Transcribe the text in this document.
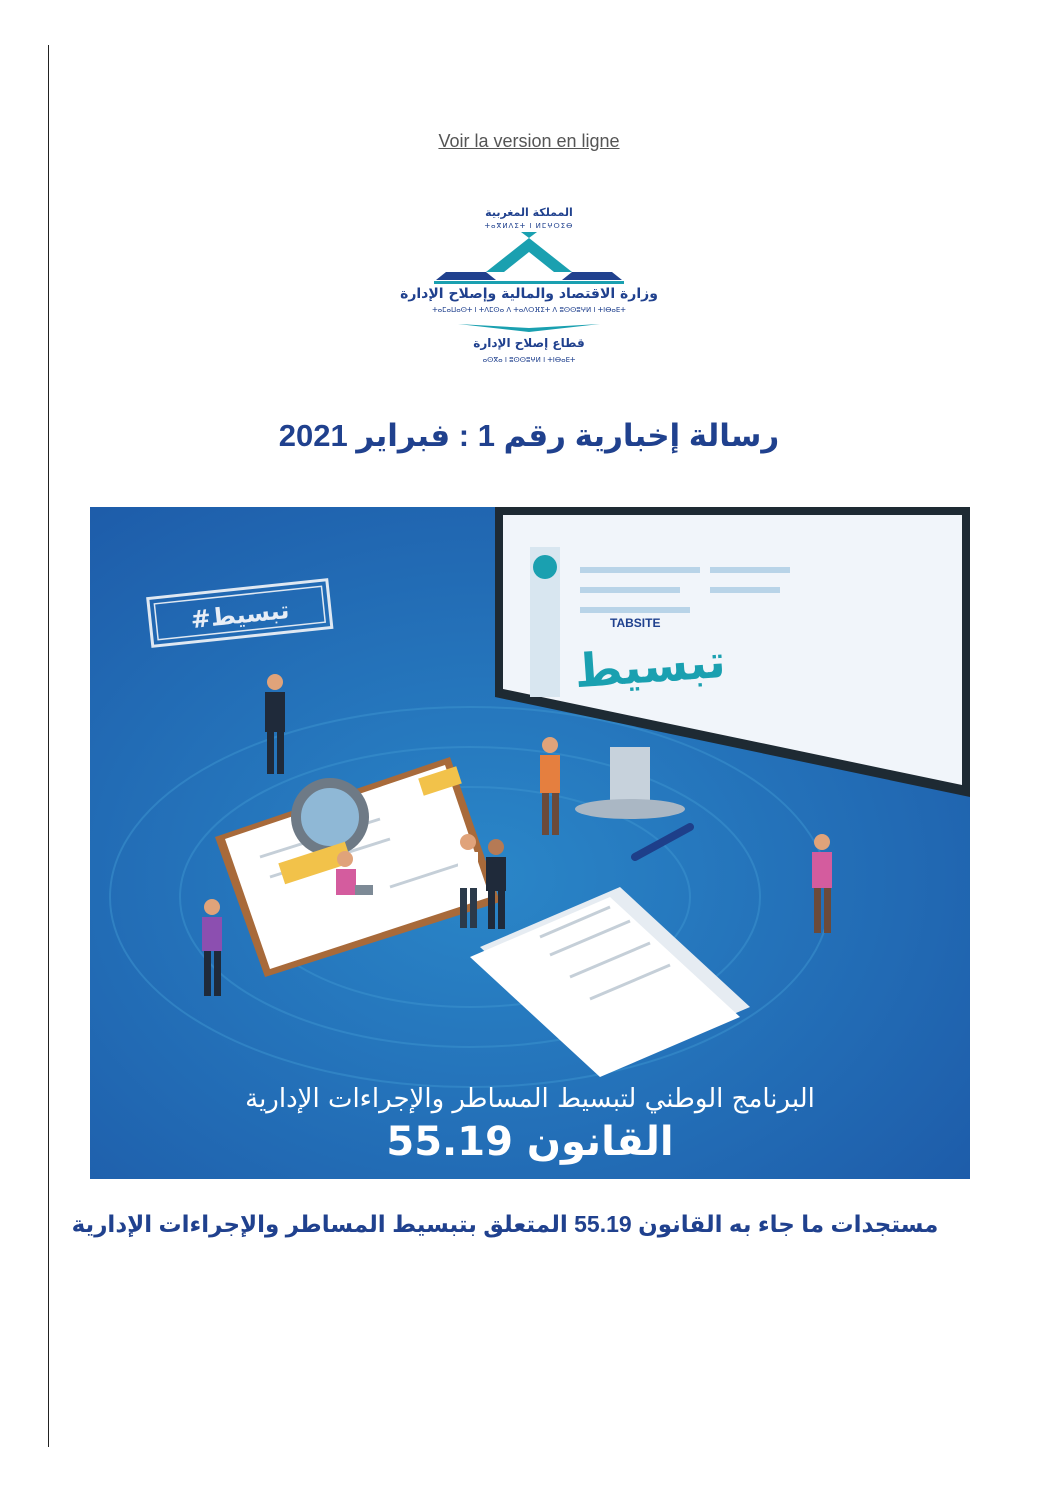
Voir la version en ligne
المملكة المغربية
ⵜⴰⴳⵍⴷⵉⵜ ⵏ ⵍⵎⵖⵔⵉⴱ
وزارة الاقتصاد والمالية وإصلاح الإدارة
ⵜⴰⵎⴰⵡⴰⵙⵜ ⵏ ⵜⴷⵎⵙⴰ ⴷ ⵜⴰⴷⵔⴼⵉⵜ ⴷ ⵓⵙⵙⵓⵖⵍ ⵏ ⵜⵏⴱⴰⴹⵜ
قطاع إصلاح الإدارة
ⴰⵙⴳⴰ ⵏ ⵓⵙⵙⵓⵖⵍ ⵏ ⵜⵏⴱⴰⴹⵜ
رسالة إخبارية رقم 1 : فبراير 2021
#تبسيط
تبسيط
TABSITE
البرنامج الوطني لتبسيط المساطر والإجراءات الإدارية
القانون 55.19
مستجدات ما جاء به القانون 55.19 المتعلق بتبسيط المساطر والإجراءات الإدارية
